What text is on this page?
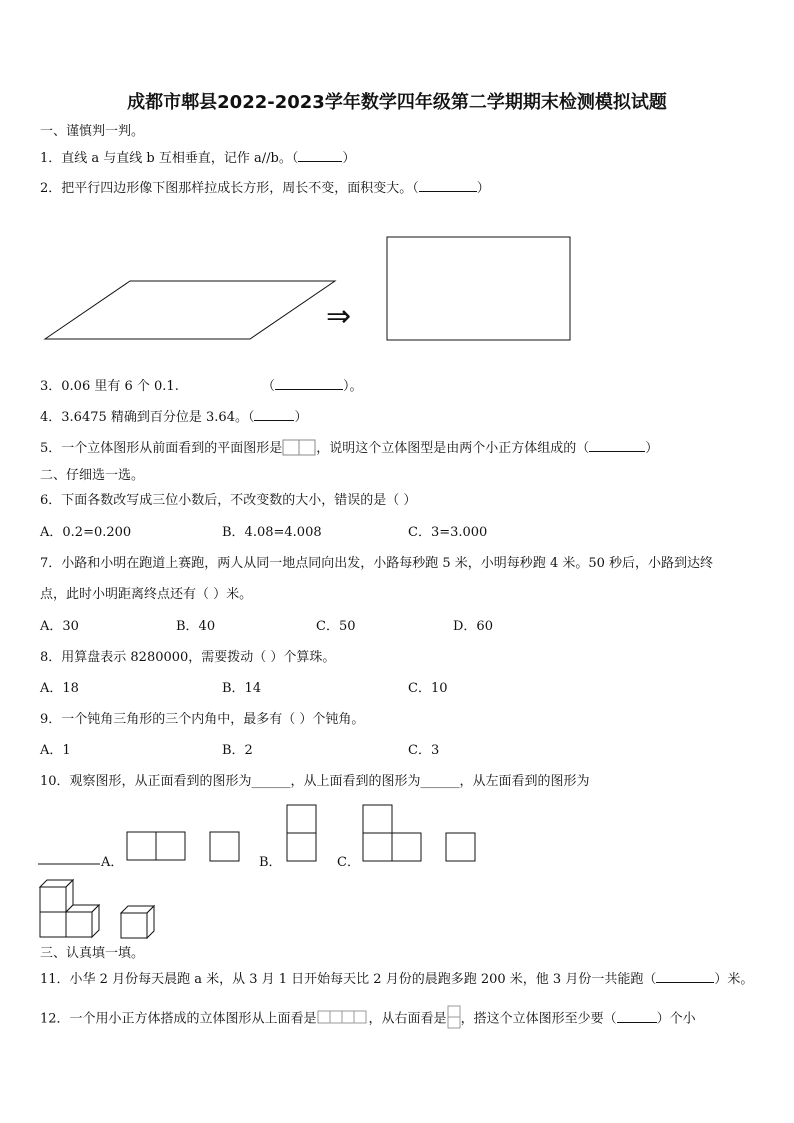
成都市郫县2022-2023学年数学四年级第二学期期末检测模拟试题
一、谨慎判一判。
1．直线 a 与直线 b 互相垂直，记作 a//b。（	）
2．把平行四边形像下图那样拉成长方形，周长不变，面积变大。（	）
⇒
3．0.06 里有 6 个 0.1.	（	）。
4．3.6475 精确到百分位是 3.64。（	）
5．一个立体图形从前面看到的平面图形是	，说明这个立体图型是由两个小正方体组成的（	）
二、仔细选一选。
6．下面各数改写成三位小数后，不改变数的大小，错误的是（ ）
A．0.2=0.200	B．4.08=4.008	C．3=3.000
7．小路和小明在跑道上赛跑，两人从同一地点同向出发，小路每秒跑 5 米，小明每秒跑 4 米。50 秒后，小路到达终
点，此时小明距离终点还有（ ）米。
A．30	B．40	C．50	D．60
8．用算盘表示 8280000，需要拨动（ ）个算珠。
A．18	B．14	C．10
9．一个钝角三角形的三个内角中，最多有（ ）个钝角。
A．1	B．2	C．3
10．观察图形，从正面看到的图形为______，从上面看到的图形为______，从左面看到的图形为
A．	B．	C．
三、认真填一填。
11．小华 2 月份每天晨跑 a 米，从 3 月 1 日开始每天比 2 月份的晨跑多跑 200 米，他 3 月份一共能跑（	）米。
12．一个用小正方体搭成的立体图形从上面看是	，从右面看是 ，搭这个立体图形至少要（	）个小
